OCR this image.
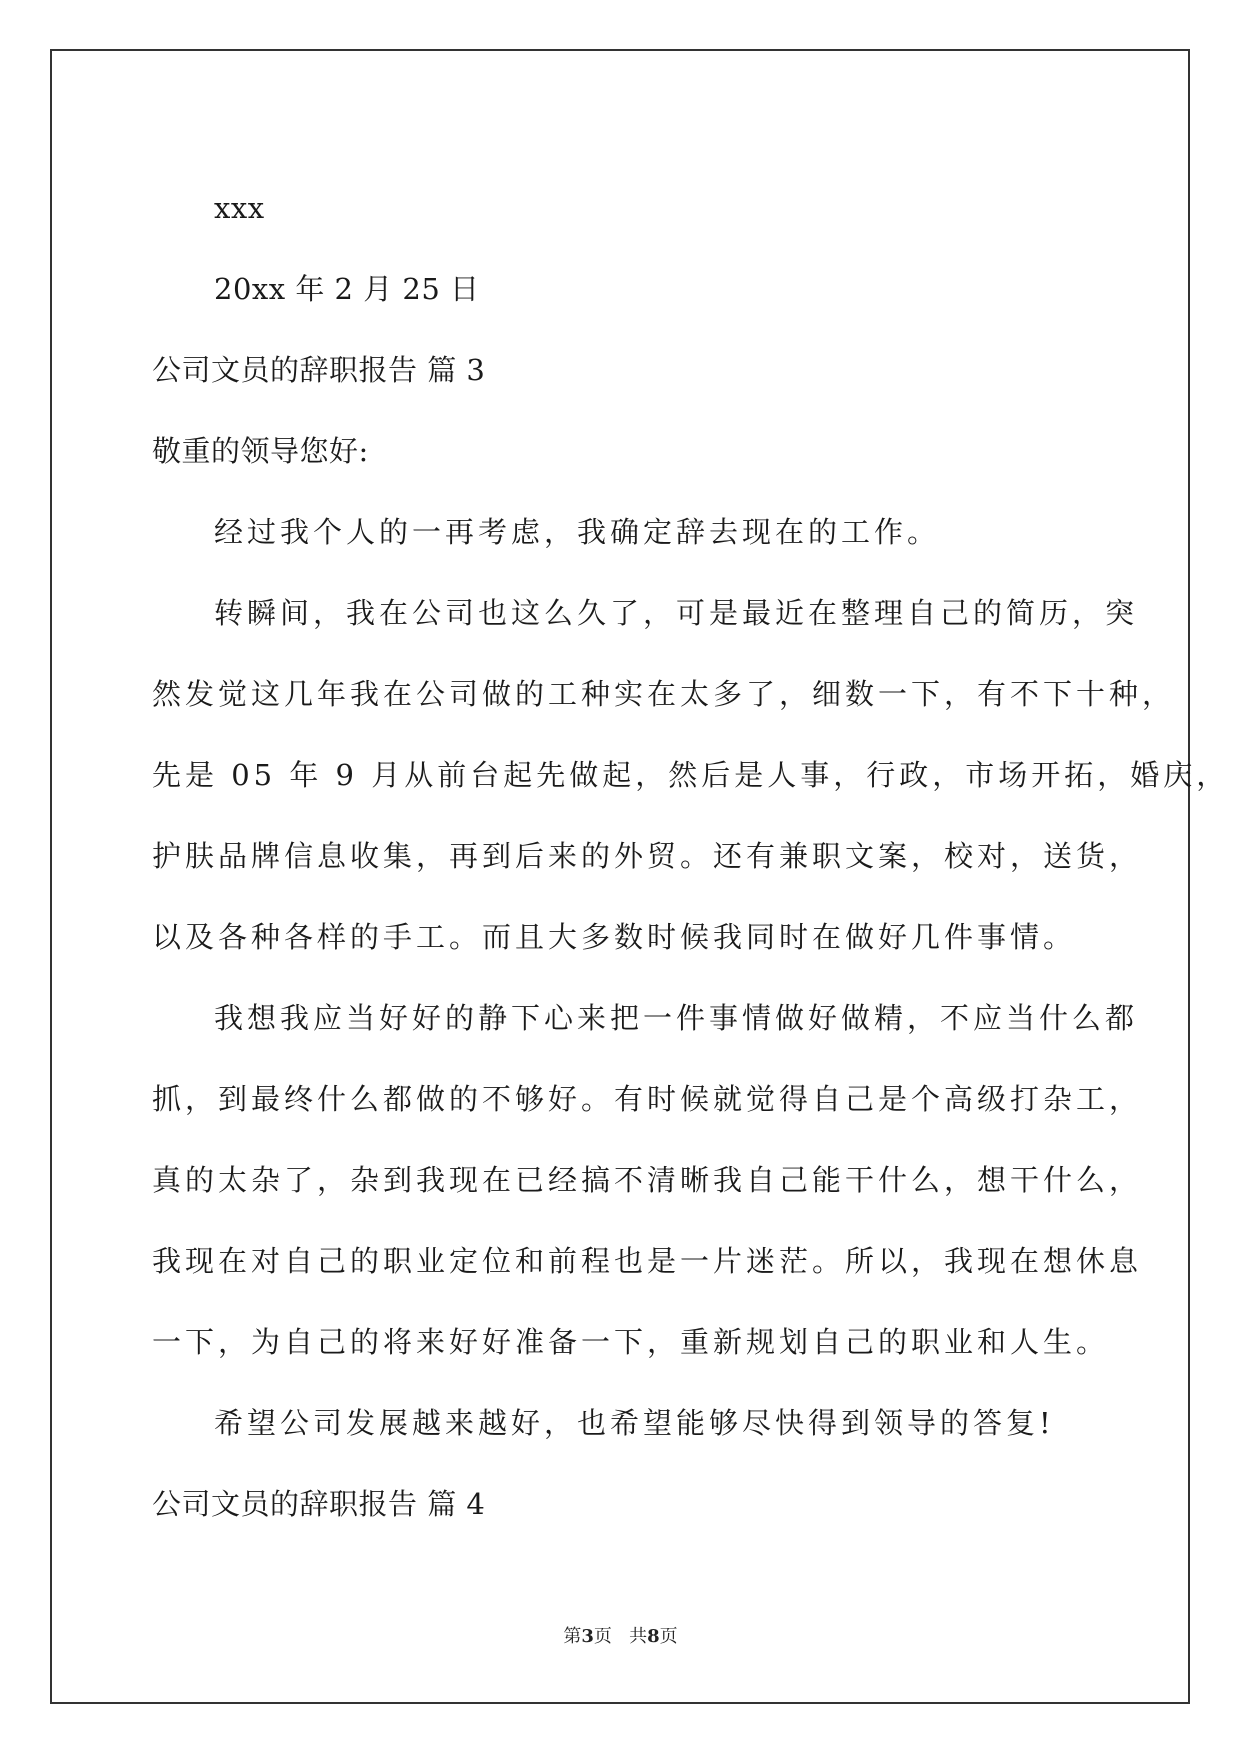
xxx
20xx 年 2 月 25 日
公司文员的辞职报告 篇 3
敬重的领导您好:
经过我个人的一再考虑，我确定辞去现在的工作。
转瞬间，我在公司也这么久了，可是最近在整理自己的简历，突
然发觉这几年我在公司做的工种实在太多了，细数一下，有不下十种，
先是 05 年 9 月从前台起先做起，然后是人事，行政，市场开拓，婚庆，
护肤品牌信息收集，再到后来的外贸。还有兼职文案，校对，送货，
以及各种各样的手工。而且大多数时候我同时在做好几件事情。
我想我应当好好的静下心来把一件事情做好做精，不应当什么都
抓，到最终什么都做的不够好。有时候就觉得自己是个高级打杂工，
真的太杂了，杂到我现在已经搞不清晰我自己能干什么，想干什么，
我现在对自己的职业定位和前程也是一片迷茫。所以，我现在想休息
一下，为自己的将来好好准备一下，重新规划自己的职业和人生。
希望公司发展越来越好，也希望能够尽快得到领导的答复!
公司文员的辞职报告 篇 4
第3页   共8页
